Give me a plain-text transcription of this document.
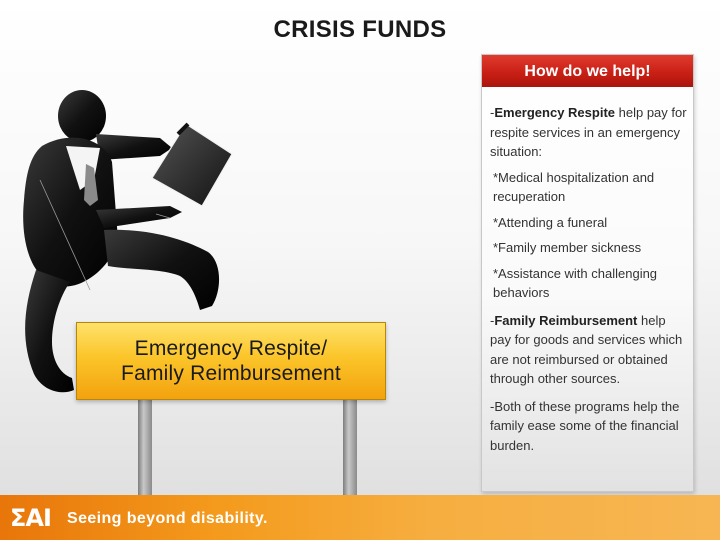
CRISIS FUNDS
Emergency Respite/
Family Reimbursement
How do we help!

-Emergency Respite help pay for respite services in an emergency situation:

*Medical hospitalization and recuperation

*Attending a funeral

*Family member sickness

*Assistance with challenging behaviors

-Family Reimbursement help pay for goods and services which are not reimbursed or obtained through other sources.

-Both of these programs help the family ease some of the financial burden.

ΣAI Seeing beyond disability.
